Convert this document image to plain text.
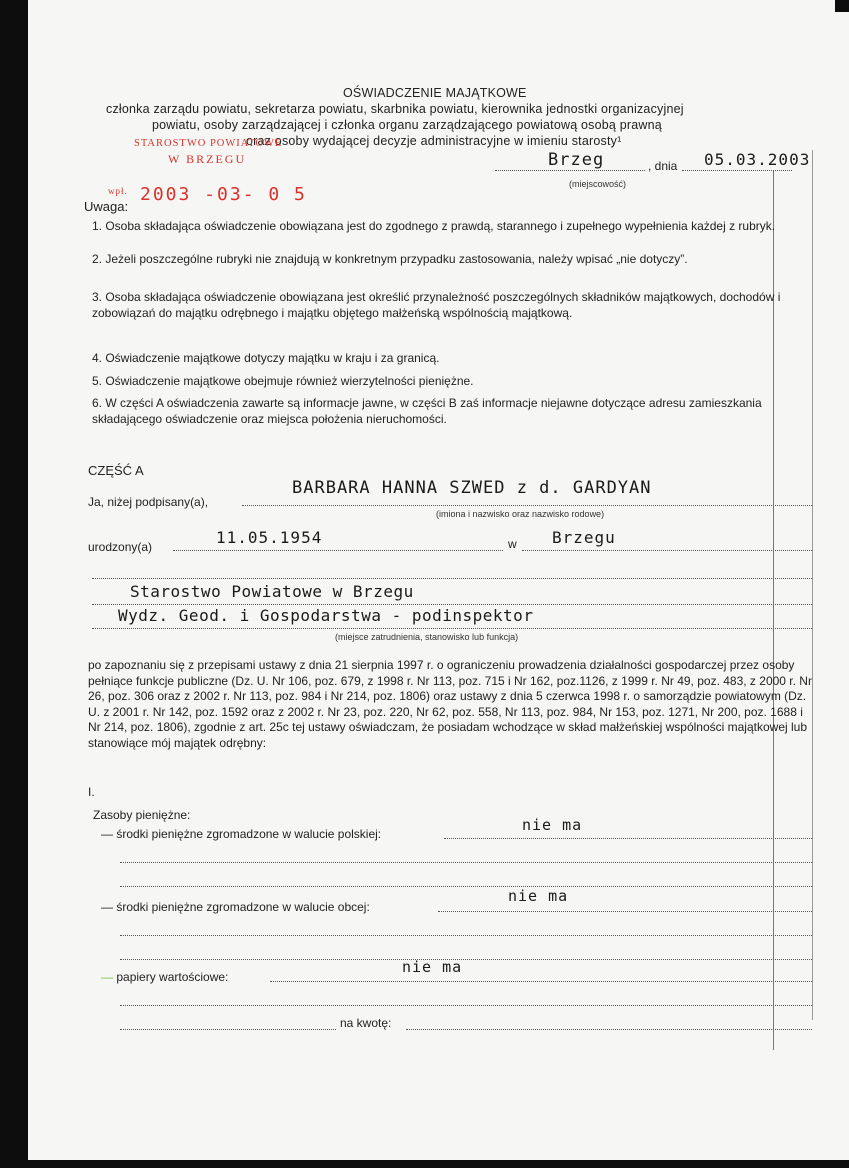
OŚWIADCZENIE MAJĄTKOWE
członka zarządu powiatu, sekretarza powiatu, skarbnika powiatu, kierownika jednostki organizacyjnej
powiatu, osoby zarządzającej i członka organu zarządzającego powiatową osobą prawną
oraz osoby wydającej decyzje administracyjne w imieniu starosty¹
STAROSTWO POWIATOWE
W BRZEGU
wpł. 2003 -03- 0 5
Brzeg	, dnia 05.03.2003
(miejscowość)
Uwaga:
1. Osoba składająca oświadczenie obowiązana jest do zgodnego z prawdą, starannego i zupełnego wypełnienia każdej z rubryk.
2. Jeżeli poszczególne rubryki nie znajdują w konkretnym przypadku zastosowania, należy wpisać „nie dotyczy”.
3. Osoba składająca oświadczenie obowiązana jest określić przynależność poszczególnych składników majątkowych, dochodów i zobowiązań do majątku odrębnego i majątku objętego małżeńską wspólnością majątkową.
4. Oświadczenie majątkowe dotyczy majątku w kraju i za granicą.
5. Oświadczenie majątkowe obejmuje również wierzytelności pieniężne.
6. W części A oświadczenia zawarte są informacje jawne, w części B zaś informacje niejawne dotyczące adresu zamieszkania składającego oświadczenie oraz miejsca położenia nieruchomości.
CZĘŚĆ A
Ja, niżej podpisany(a),
BARBARA HANNA SZWED z d. GARDYAN
(imiona i nazwisko oraz nazwisko rodowe)
urodzony(a)	11.05.1954	w Brzegu
Starostwo Powiatowe w Brzegu
Wydz. Geod. i Gospodarstwa - podinspektor
(miejsce zatrudnienia, stanowisko lub funkcja)
po zapoznaniu się z przepisami ustawy z dnia 21 sierpnia 1997 r. o ograniczeniu prowadzenia działalności gospodarczej przez osoby pełniące funkcje publiczne (Dz. U. Nr 106, poz. 679, z 1998 r. Nr 113, poz. 715 i Nr 162, poz.1126, z 1999 r. Nr 49, poz. 483, z 2000 r. Nr 26, poz. 306 oraz z 2002 r. Nr 113, poz. 984 i Nr 214, poz. 1806) oraz ustawy z dnia 5 czerwca 1998 r. o samorządzie powiatowym (Dz. U. z 2001 r. Nr 142, poz. 1592 oraz z 2002 r. Nr 23, poz. 220, Nr 62, poz. 558, Nr 113, poz. 984, Nr 153, poz. 1271, Nr 200, poz. 1688 i Nr 214, poz. 1806), zgodnie z art. 25c tej ustawy oświadczam, że posiadam wchodzące w skład małżeńskiej wspólności majątkowej lub stanowiące mój majątek odrębny:
I.
Zasoby pieniężne:
— środki pieniężne zgromadzone w walucie polskiej:	nie ma
— środki pieniężne zgromadzone w walucie obcej:
nie ma
— papiery wartościowe:
nie ma
na kwotę:
